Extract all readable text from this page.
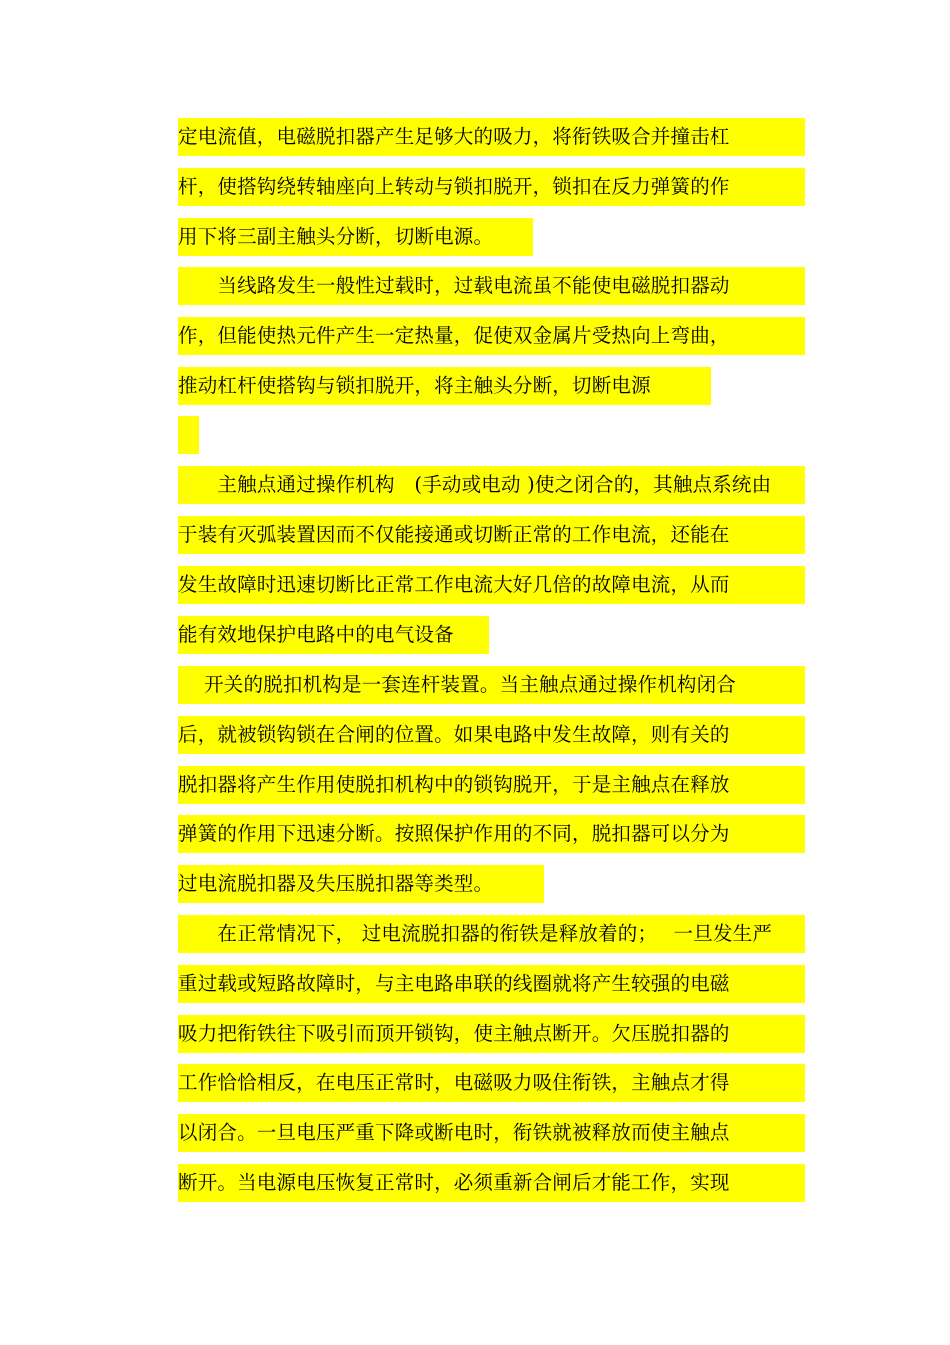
定电流值，电磁脱扣器产生足够大的吸力，将衔铁吸合并撞击杠
杆，使搭钩绕转轴座向上转动与锁扣脱开，锁扣在反力弹簧的作
用下将三副主触头分断，切断电源。
　　当线路发生一般性过载时，过载电流虽不能使电磁脱扣器动
作，但能使热元件产生一定热量，促使双金属片受热向上弯曲，
推动杠杆使搭钩与锁扣脱开，将主触头分断，切断电源
　　主触点通过操作机构　(手动或电动 )使之闭合的，其触点系统由
于装有灭弧装置因而不仅能接通或切断正常的工作电流，还能在
发生故障时迅速切断比正常工作电流大好几倍的故障电流，从而
能有效地保护电路中的电气设备
　 开关的脱扣机构是一套连杆装置。当主触点通过操作机构闭合
后，就被锁钩锁在合闸的位置。如果电路中发生故障，则有关的
脱扣器将产生作用使脱扣机构中的锁钩脱开，于是主触点在释放
弹簧的作用下迅速分断。按照保护作用的不同，脱扣器可以分为
过电流脱扣器及失压脱扣器等类型。
　　在正常情况下， 过电流脱扣器的衔铁是释放着的；　 一旦发生严
重过载或短路故障时，与主电路串联的线圈就将产生较强的电磁
吸力把衔铁往下吸引而顶开锁钩，使主触点断开。欠压脱扣器的
工作恰恰相反，在电压正常时，电磁吸力吸住衔铁，主触点才得
以闭合。一旦电压严重下降或断电时，衔铁就被释放而使主触点
断开。当电源电压恢复正常时，必须重新合闸后才能工作，实现
